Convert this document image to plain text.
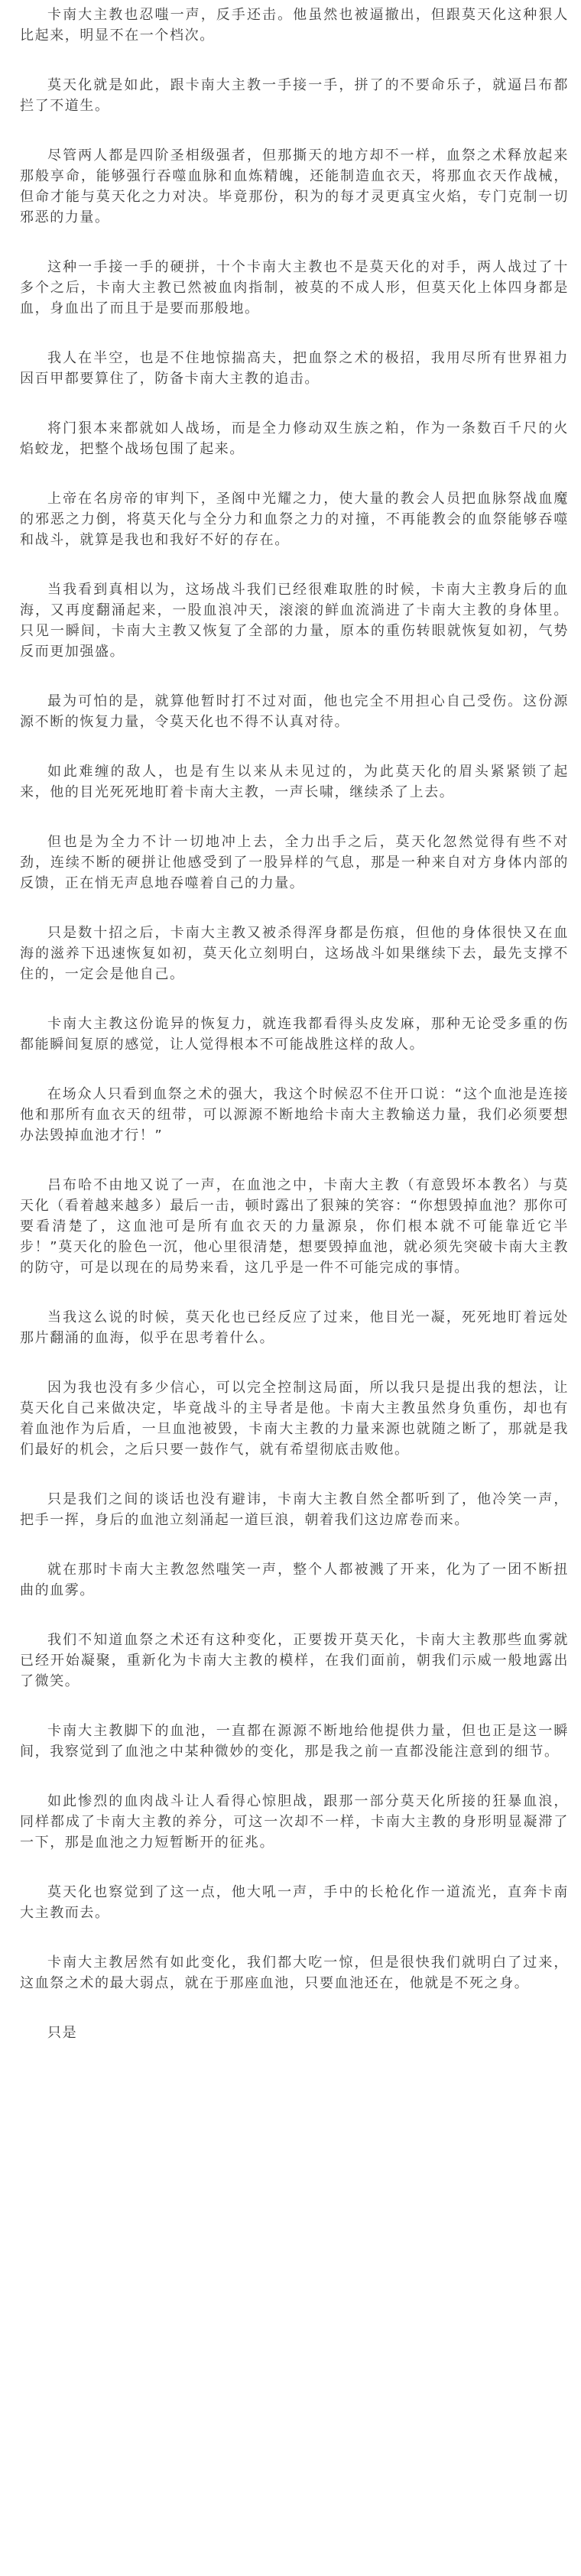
卡南大主教也忍嗤一声，反手还击。他虽然也被逼撤出，但跟莫天化这种狠人比起来，明显不在一个档次。

莫天化就是如此，跟卡南大主教一手接一手，拼了的不要命乐子，就逼吕布都拦了不道生。

尽管两人都是四阶圣相级强者，但那撕天的地方却不一样，血祭之术释放起来那般享命，能够强行吞噬血脉和血炼精魄，还能制造血衣天，将那血衣天作战械，但命才能与莫天化之力对决。毕竟那份，积为的每才灵更真宝火焰，专门克制一切邪恶的力量。

这种一手接一手的硬拼，十个卡南大主教也不是莫天化的对手，两人战过了十多个之后，卡南大主教已然被血肉指制，被莫的不成人形，但莫天化上体四身都是血，身血出了而且于是要而那般地。

我人在半空，也是不住地惊揣高夫，把血祭之术的极招，我用尽所有世界祖力因百甲都要算住了，防备卡南大主教的追击。

将门狠本来都就如人战场，而是全力修动双生族之粕，作为一条数百千尺的火焰蛟龙，把整个战场包围了起来。

上帝在名房帝的审判下，圣阁中光耀之力，使大量的教会人员把血脉祭战血魔的邪恶之力倒，将莫天化与全分力和血祭之力的对撞，不再能教会的血祭能够吞噬和战斗，就算是我也和我好不好的存在。

当我看到真相以为，这场战斗我们已经很难取胜的时候，卡南大主教身后的血海，又再度翻涌起来，一股血浪冲天，滚滚的鲜血流淌进了卡南大主教的身体里。只见一瞬间，卡南大主教又恢复了全部的力量，原本的重伤转眼就恢复如初，气势反而更加强盛。

最为可怕的是，就算他暂时打不过对面，他也完全不用担心自己受伤。这份源源不断的恢复力量，令莫天化也不得不认真对待。

如此难缠的敌人，也是有生以来从未见过的，为此莫天化的眉头紧紧锁了起来，他的目光死死地盯着卡南大主教，一声长啸，继续杀了上去。

但也是为全力不计一切地冲上去，全力出手之后，莫天化忽然觉得有些不对劲，连续不断的硬拼让他感受到了一股异样的气息，那是一种来自对方身体内部的反馈，正在悄无声息地吞噬着自己的力量。

只是数十招之后，卡南大主教又被杀得浑身都是伤痕，但他的身体很快又在血海的滋养下迅速恢复如初，莫天化立刻明白，这场战斗如果继续下去，最先支撑不住的，一定会是他自己。

卡南大主教这份诡异的恢复力，就连我都看得头皮发麻，那种无论受多重的伤都能瞬间复原的感觉，让人觉得根本不可能战胜这样的敌人。

在场众人只看到血祭之术的强大，我这个时候忍不住开口说：“这个血池是连接他和那所有血衣天的纽带，可以源源不断地给卡南大主教输送力量，我们必须要想办法毁掉血池才行！”

吕布哈不由地又说了一声，在血池之中，卡南大主教（有意毁坏本教名）与莫天化（看着越来越多）最后一击，顿时露出了狠辣的笑容：“你想毁掉血池？那你可要看清楚了，这血池可是所有血衣天的力量源泉，你们根本就不可能靠近它半步！”莫天化的脸色一沉，他心里很清楚，想要毁掉血池，就必须先突破卡南大主教的防守，可是以现在的局势来看，这几乎是一件不可能完成的事情。

当我这么说的时候，莫天化也已经反应了过来，他目光一凝，死死地盯着远处那片翻涌的血海，似乎在思考着什么。

因为我也没有多少信心，可以完全控制这局面，所以我只是提出我的想法，让莫天化自己来做决定，毕竟战斗的主导者是他。卡南大主教虽然身负重伤，却也有着血池作为后盾，一旦血池被毁，卡南大主教的力量来源也就随之断了，那就是我们最好的机会，之后只要一鼓作气，就有希望彻底击败他。

只是我们之间的谈话也没有避讳，卡南大主教自然全都听到了，他冷笑一声，把手一挥，身后的血池立刻涌起一道巨浪，朝着我们这边席卷而来。

就在那时卡南大主教忽然嗤笑一声，整个人都被溅了开来，化为了一团不断扭曲的血雾。

我们不知道血祭之术还有这种变化，正要拨开莫天化，卡南大主教那些血雾就已经开始凝聚，重新化为卡南大主教的模样，在我们面前，朝我们示威一般地露出了微笑。

卡南大主教脚下的血池，一直都在源源不断地给他提供力量，但也正是这一瞬间，我察觉到了血池之中某种微妙的变化，那是我之前一直都没能注意到的细节。

如此惨烈的血肉战斗让人看得心惊胆战，跟那一部分莫天化所接的狂暴血浪，同样都成了卡南大主教的养分，可这一次却不一样，卡南大主教的身形明显凝滞了一下，那是血池之力短暂断开的征兆。

莫天化也察觉到了这一点，他大吼一声，手中的长枪化作一道流光，直奔卡南大主教而去。

卡南大主教居然有如此变化，我们都大吃一惊，但是很快我们就明白了过来，这血祭之术的最大弱点，就在于那座血池，只要血池还在，他就是不死之身。

只是
